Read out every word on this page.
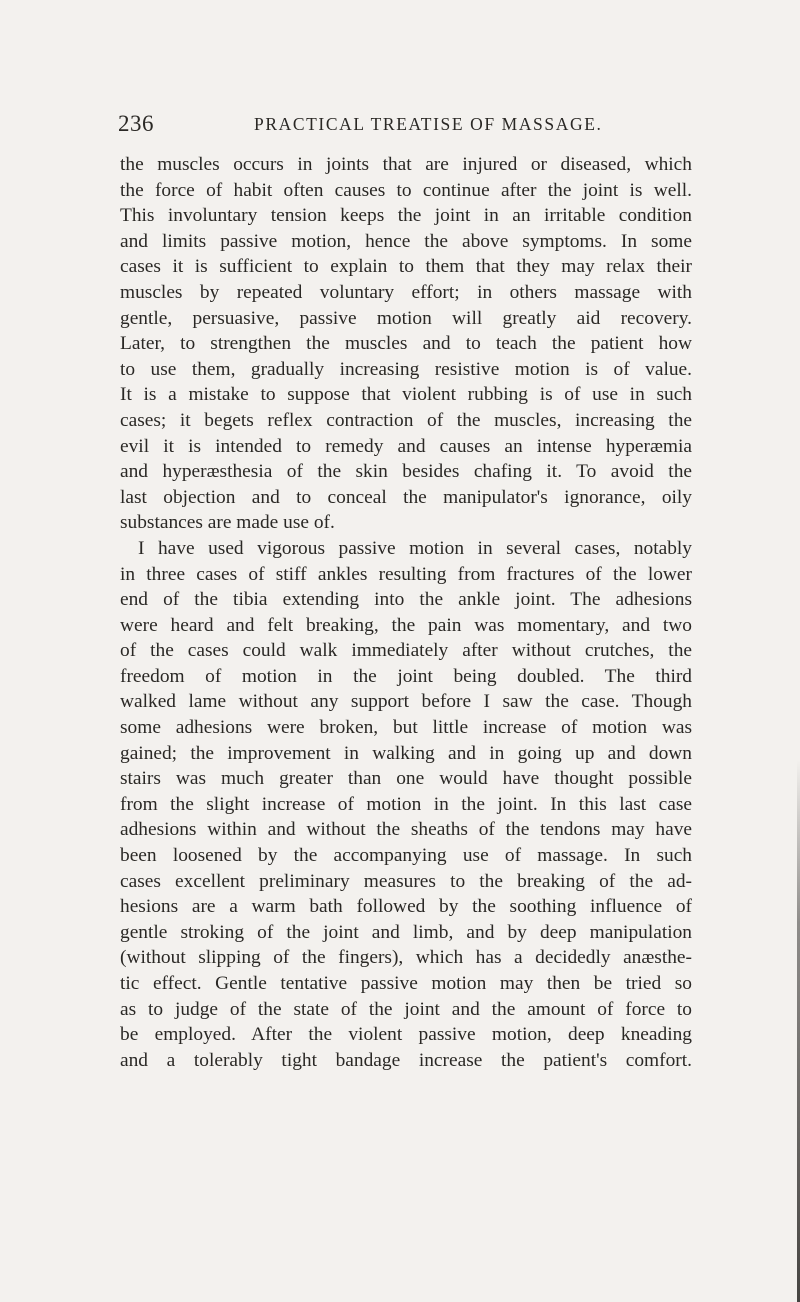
236	PRACTICAL TREATISE OF MASSAGE.
the muscles occurs in joints that are injured or diseased, which
the force of habit often causes to continue after the joint is well.
This involuntary tension keeps the joint in an irritable condition
and limits passive motion, hence the above symptoms. In some
cases it is sufficient to explain to them that they may relax their
muscles by repeated voluntary effort; in others massage with
gentle, persuasive, passive motion will greatly aid recovery.
Later, to strengthen the muscles and to teach the patient how
to use them, gradually increasing resistive motion is of value.
It is a mistake to suppose that violent rubbing is of use in such
cases; it begets reflex contraction of the muscles, increasing the
evil it is intended to remedy and causes an intense hyperæmia
and hyperæsthesia of the skin besides chafing it. To avoid the
last objection and to conceal the manipulator's ignorance, oily
substances are made use of.
I have used vigorous passive motion in several cases, notably
in three cases of stiff ankles resulting from fractures of the lower
end of the tibia extending into the ankle joint. The adhesions
were heard and felt breaking, the pain was momentary, and two
of the cases could walk immediately after without crutches, the
freedom of motion in the joint being doubled. The third
walked lame without any support before I saw the case. Though
some adhesions were broken, but little increase of motion was
gained; the improvement in walking and in going up and down
stairs was much greater than one would have thought possible
from the slight increase of motion in the joint. In this last case
adhesions within and without the sheaths of the tendons may have
been loosened by the accompanying use of massage. In such
cases excellent preliminary measures to the breaking of the ad-
hesions are a warm bath followed by the soothing influence of
gentle stroking of the joint and limb, and by deep manipulation
(without slipping of the fingers), which has a decidedly anæsthe-
tic effect. Gentle tentative passive motion may then be tried so
as to judge of the state of the joint and the amount of force to
be employed. After the violent passive motion, deep kneading
and a tolerably tight bandage increase the patient's comfort.
